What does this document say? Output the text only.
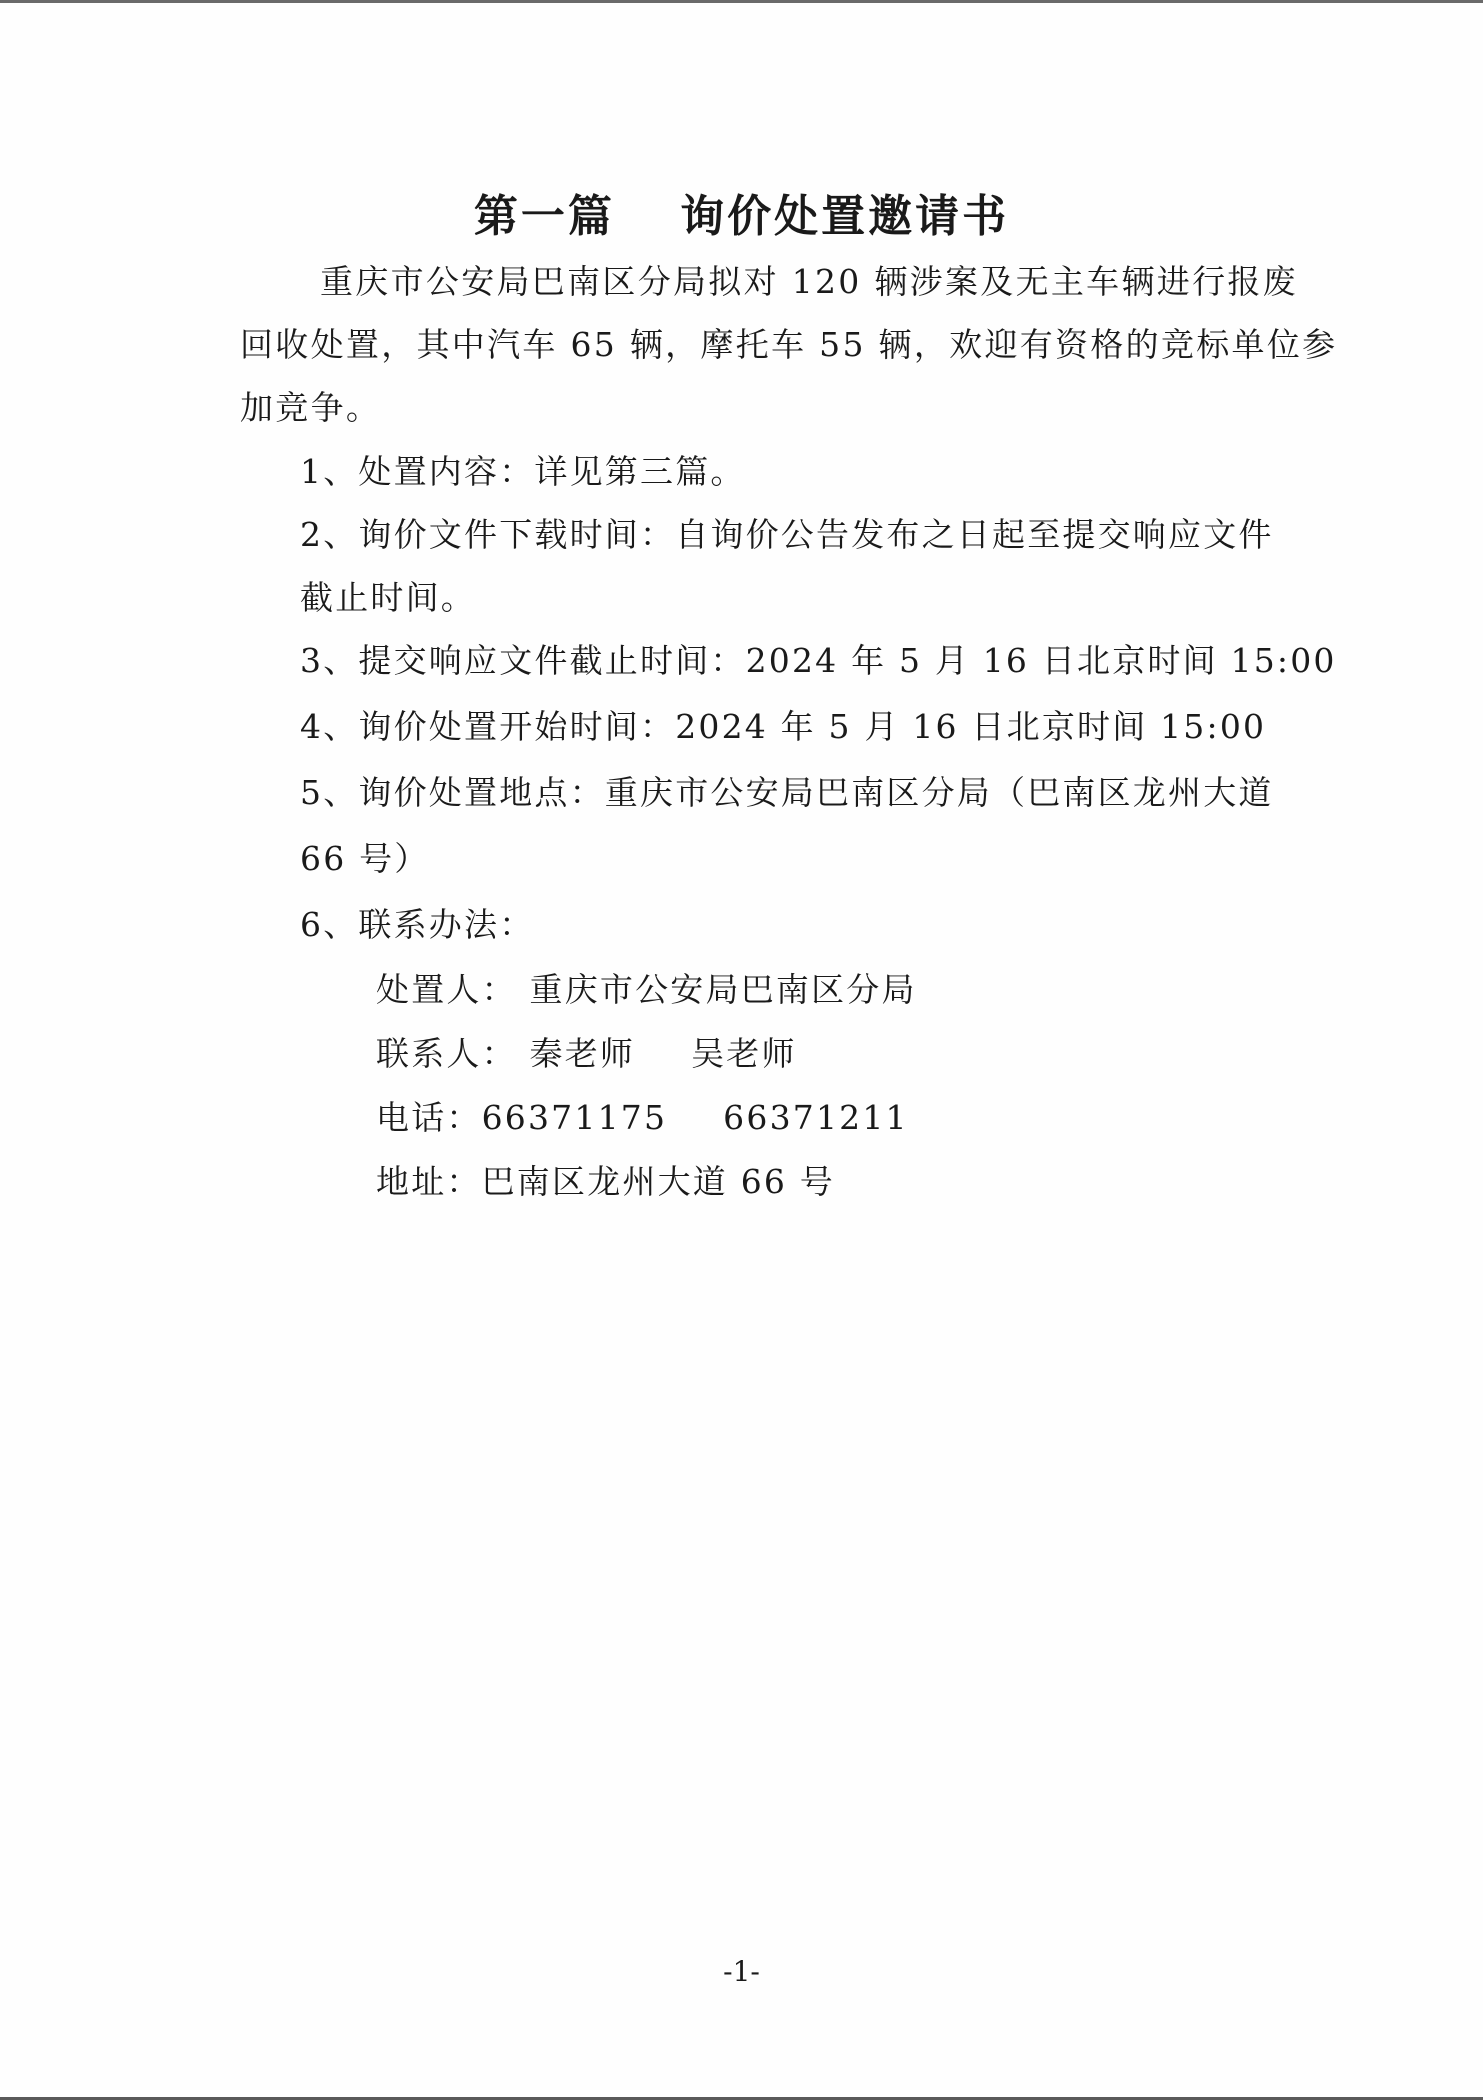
第一篇　 询价处置邀请书
重庆市公安局巴南区分局拟对 120 辆涉案及无主车辆进行报废
回收处置，其中汽车 65 辆，摩托车 55 辆，欢迎有资格的竞标单位参
加竞争。
1、处置内容：详见第三篇。
2、询价文件下载时间：自询价公告发布之日起至提交响应文件
截止时间。
3、提交响应文件截止时间：2024 年 5 月 16 日北京时间 15:00
4、询价处置开始时间：2024 年 5 月 16 日北京时间 15:00
5、询价处置地点：重庆市公安局巴南区分局（巴南区龙州大道
66 号）
6、联系办法：
处置人： 重庆市公安局巴南区分局
联系人： 秦老师 吴老师
电话：66371175 66371211
地址：巴南区龙州大道 66 号
-1-
